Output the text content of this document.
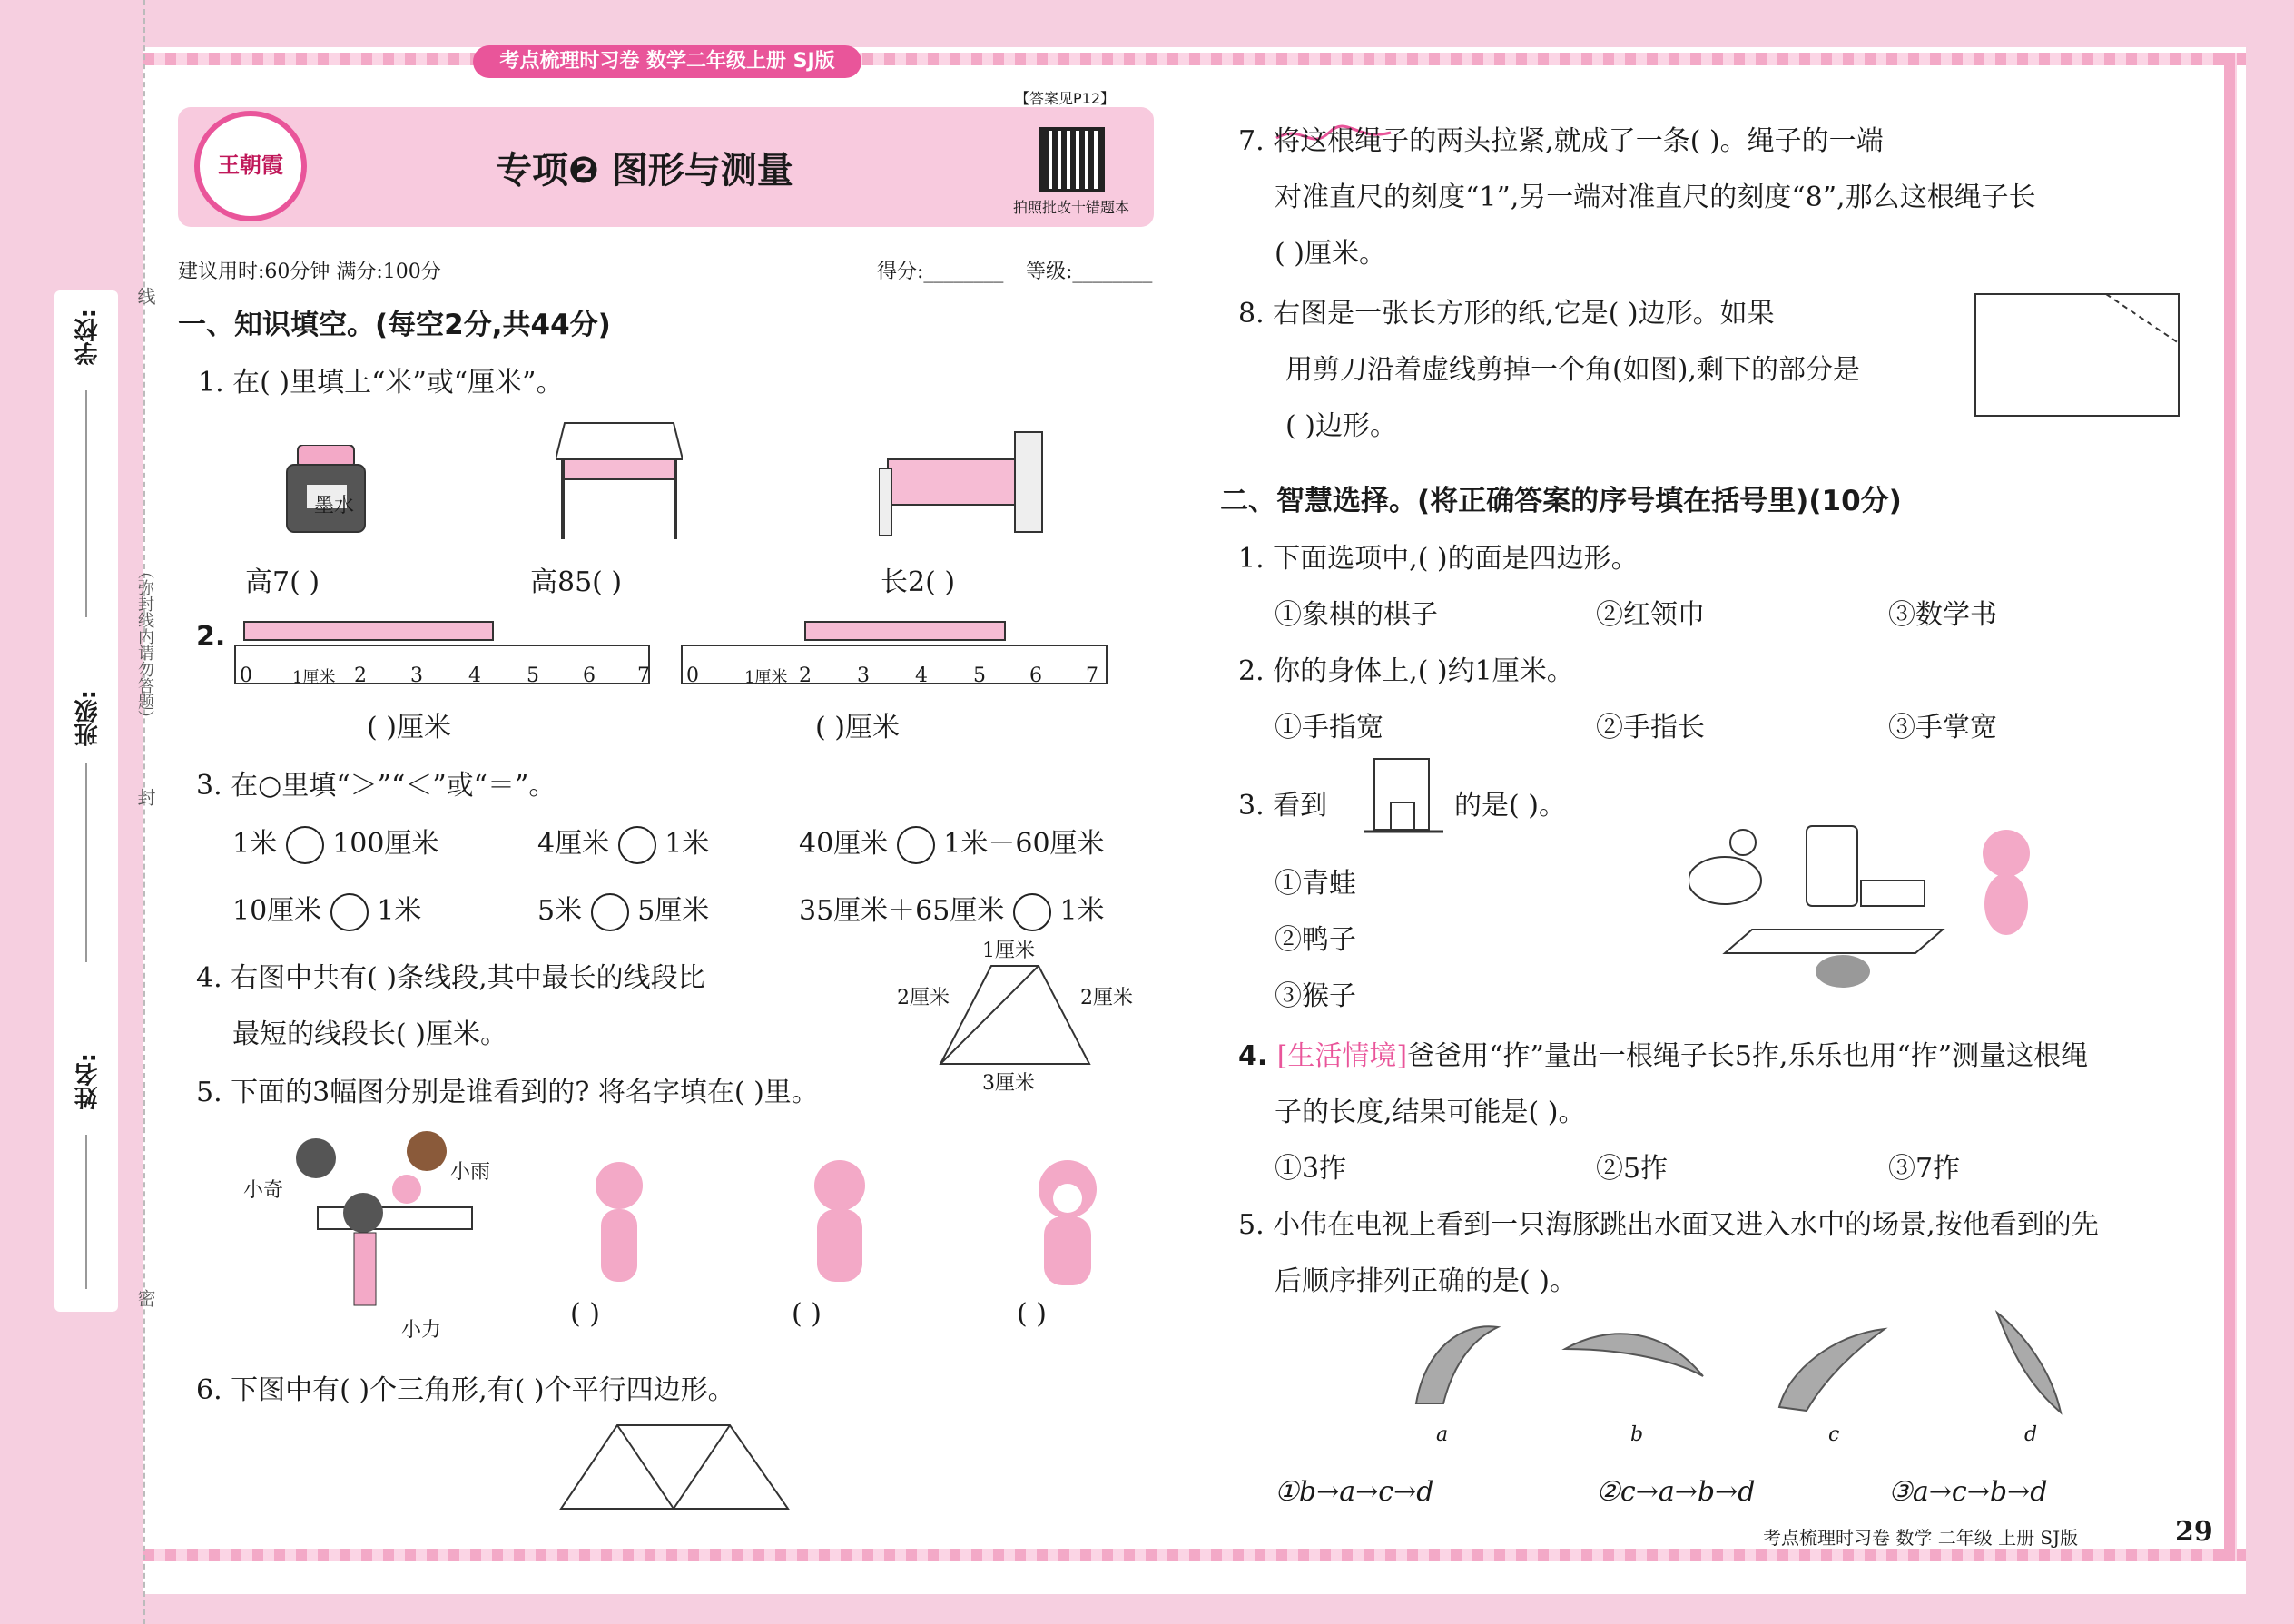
学校:
班级:
姓名:
线
（弥封线内请勿答题）
封
密
考点梳理时习卷 数学二年级上册 SJ版
【答案见P12】
王朝霞	专项❷ 图形与测量
拍照批改十错题本
建议用时:60分钟 满分:100分	得分:________ 等级:________
一、知识填空。(每空2分,共44分)
1. 在( )里填上“米”或“厘米”。
墨水
高7( )	高85( )	长2( )
2.
0 1厘米 2 3 4 5 6 7 0	1厘米 2 3 4 5 6 7
( )厘米	( )厘米
3. 在○里填“＞”“＜”或“＝”。
1米 100厘米	4厘米 1米	40厘米 1米－60厘米
10厘米 1米	5米 5厘米	35厘米＋65厘米 1米
4. 右图中共有( )条线段,其中最长的线段比
最短的线段长( )厘米。
1厘米
2厘米	2厘米
3厘米
5. 下面的3幅图分别是谁看到的? 将名字填在( )里。
小奇
小雨
小力
( )	( )	( )
6. 下图中有( )个三角形,有( )个平行四边形。
7. 将这根绳子的两头拉紧,就成了一条( )。绳子的一端
对准直尺的刻度“1”,另一端对准直尺的刻度“8”,那么这根绳子长
( )厘米。
8. 右图是一张长方形的纸,它是( )边形。如果
用剪刀沿着虚线剪掉一个角(如图),剩下的部分是
( )边形。
二、智慧选择。(将正确答案的序号填在括号里)(10分)
1. 下面选项中,( )的面是四边形。
①象棋的棋子	②红领巾	③数学书
2. 你的身体上,( )约1厘米。
①手指宽	②手指长	③手掌宽
3. 看到	的是( )。
①青蛙
②鸭子
③猴子
4. [生活情境]爸爸用“拃”量出一根绳子长5拃,乐乐也用“拃”测量这根绳
子的长度,结果可能是( )。
①3拃	②5拃	③7拃
5. 小伟在电视上看到一只海豚跳出水面又进入水中的场景,按他看到的先
后顺序排列正确的是( )。
a	b	c	d
①b→a→c→d	②c→a→b→d	③a→c→b→d
考点梳理时习卷 数学 二年级 上册 SJ版	29
